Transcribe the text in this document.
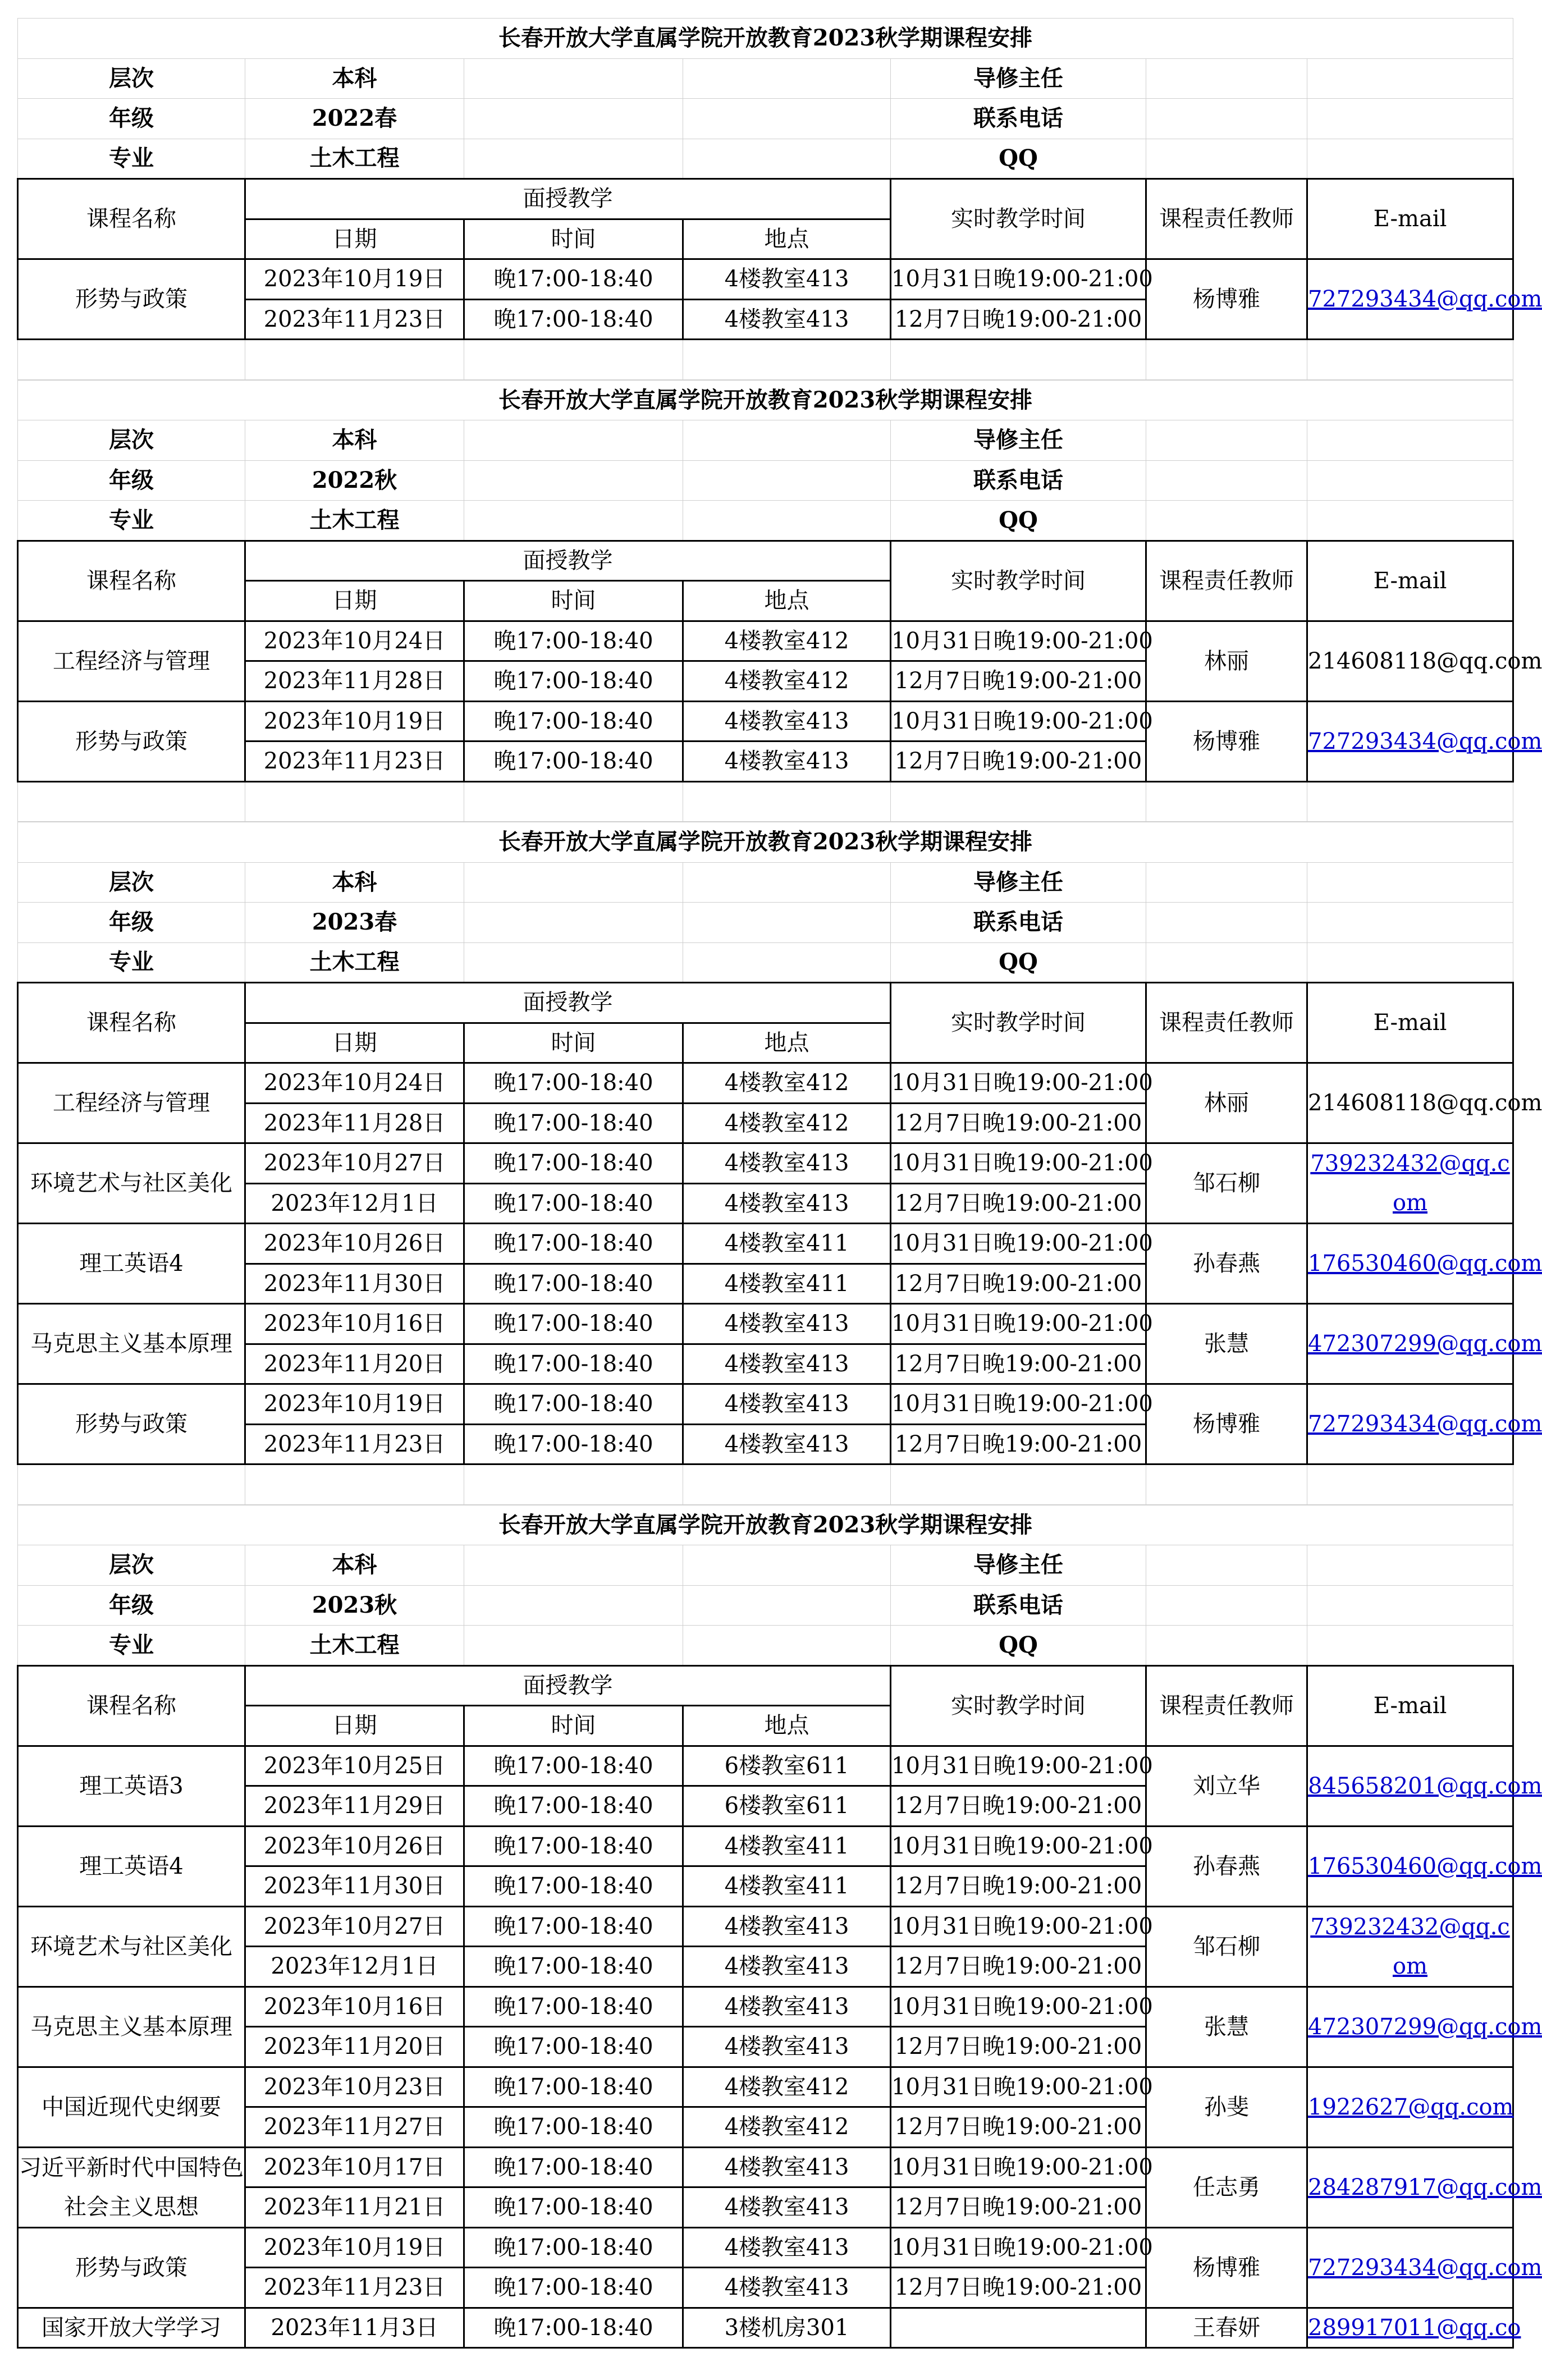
长春开放大学直属学院开放教育2023秋学期课程安排						
层次	本科			导修主任		
年级	2022春			联系电话		
专业	土木工程			QQ		
课程名称	面授教学			实时教学时间	课程责任教师	E-mail
	日期	时间	地点			
形势与政策	2023年10月19日	晚17:00-18:40	4楼教室413	10月31日晚19:00-21:00	杨博雅	727293434@qq.com
	2023年11月23日	晚17:00-18:40	4楼教室413	12月7日晚19:00-21:00		

长春开放大学直属学院开放教育2023秋学期课程安排						
层次	本科			导修主任		
年级	2022秋			联系电话		
专业	土木工程			QQ		
课程名称	面授教学			实时教学时间	课程责任教师	E-mail
	日期	时间	地点			
工程经济与管理	2023年10月24日	晚17:00-18:40	4楼教室412	10月31日晚19:00-21:00	林丽	214608118@qq.com
	2023年11月28日	晚17:00-18:40	4楼教室412	12月7日晚19:00-21:00		
形势与政策	2023年10月19日	晚17:00-18:40	4楼教室413	10月31日晚19:00-21:00	杨博雅	727293434@qq.com
	2023年11月23日	晚17:00-18:40	4楼教室413	12月7日晚19:00-21:00		

长春开放大学直属学院开放教育2023秋学期课程安排						
层次	本科			导修主任		
年级	2023春			联系电话		
专业	土木工程			QQ		
课程名称	面授教学			实时教学时间	课程责任教师	E-mail
	日期	时间	地点			
工程经济与管理	2023年10月24日	晚17:00-18:40	4楼教室412	10月31日晚19:00-21:00	林丽	214608118@qq.com
	2023年11月28日	晚17:00-18:40	4楼教室412	12月7日晚19:00-21:00		
环境艺术与社区美化	2023年10月27日	晚17:00-18:40	4楼教室413	10月31日晚19:00-21:00	邹石柳	739232432@qq.com
	2023年12月1日	晚17:00-18:40	4楼教室413	12月7日晚19:00-21:00		
理工英语4	2023年10月26日	晚17:00-18:40	4楼教室411	10月31日晚19:00-21:00	孙春燕	176530460@qq.com
	2023年11月30日	晚17:00-18:40	4楼教室411	12月7日晚19:00-21:00		
马克思主义基本原理	2023年10月16日	晚17:00-18:40	4楼教室413	10月31日晚19:00-21:00	张慧	472307299@qq.com
	2023年11月20日	晚17:00-18:40	4楼教室413	12月7日晚19:00-21:00		
形势与政策	2023年10月19日	晚17:00-18:40	4楼教室413	10月31日晚19:00-21:00	杨博雅	727293434@qq.com
	2023年11月23日	晚17:00-18:40	4楼教室413	12月7日晚19:00-21:00		

长春开放大学直属学院开放教育2023秋学期课程安排						
层次	本科			导修主任		
年级	2023秋			联系电话		
专业	土木工程			QQ		
课程名称	面授教学			实时教学时间	课程责任教师	E-mail
	日期	时间	地点			
理工英语3	2023年10月25日	晚17:00-18:40	6楼教室611	10月31日晚19:00-21:00	刘立华	845658201@qq.com
	2023年11月29日	晚17:00-18:40	6楼教室611	12月7日晚19:00-21:00		
理工英语4	2023年10月26日	晚17:00-18:40	4楼教室411	10月31日晚19:00-21:00	孙春燕	176530460@qq.com
	2023年11月30日	晚17:00-18:40	4楼教室411	12月7日晚19:00-21:00		
环境艺术与社区美化	2023年10月27日	晚17:00-18:40	4楼教室413	10月31日晚19:00-21:00	邹石柳	739232432@qq.com
	2023年12月1日	晚17:00-18:40	4楼教室413	12月7日晚19:00-21:00		
马克思主义基本原理	2023年10月16日	晚17:00-18:40	4楼教室413	10月31日晚19:00-21:00	张慧	472307299@qq.com
	2023年11月20日	晚17:00-18:40	4楼教室413	12月7日晚19:00-21:00		
中国近现代史纲要	2023年10月23日	晚17:00-18:40	4楼教室412	10月31日晚19:00-21:00	孙斐	1922627@qq.com
	2023年11月27日	晚17:00-18:40	4楼教室412	12月7日晚19:00-21:00		
习近平新时代中国特色社会主义思想	2023年10月17日	晚17:00-18:40	4楼教室413	10月31日晚19:00-21:00	任志勇	284287917@qq.com
	2023年11月21日	晚17:00-18:40	4楼教室413	12月7日晚19:00-21:00		
形势与政策	2023年10月19日	晚17:00-18:40	4楼教室413	10月31日晚19:00-21:00	杨博雅	727293434@qq.com
	2023年11月23日	晚17:00-18:40	4楼教室413	12月7日晚19:00-21:00		
国家开放大学学习	2023年11月3日	晚17:00-18:40	3楼机房301		王春妍	289917011@qq.co
